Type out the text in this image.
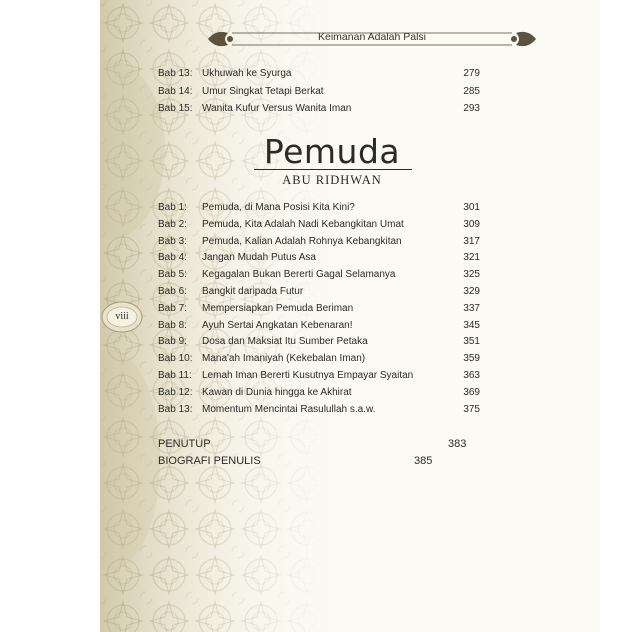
Keimanan Adalah Palsi
Bab 13: Ukhuwah ke Syurga	279
Bab 14: Umur Singkat Tetapi Berkat	285
Bab 15: Wanita Kufur Versus Wanita Iman	293
Pemuda
ABU RIDHWAN
Bab 1: Pemuda, di Mana Posisi Kita Kini?	301
Bab 2: Pemuda, Kita Adalah Nadi Kebangkitan Umat	309
Bab 3: Pemuda, Kalian Adalah Rohnya Kebangkitan	317
Bab 4: Jangan Mudah Putus Asa	321
Bab 5: Kegagalan Bukan Bererti Gagal Selamanya	325
Bab 6: Bangkit daripada Futur	329
Bab 7: Mempersiapkan Pemuda Beriman	337
Bab 8: Ayuh Sertai Angkatan Kebenaran!	345
Bab 9: Dosa dan Maksiat Itu Sumber Petaka	351
Bab 10: Mana'ah Imaniyah (Kekebalan Iman)	359
Bab 11: Lemah Iman Bererti Kusutnya Empayar Syaitan	363
Bab 12: Kawan di Dunia hingga ke Akhirat	369
Bab 13: Momentum Mencintai Rasulullah s.a.w.	375
PENUTUP	383
BIOGRAFI PENULIS	385
viii
